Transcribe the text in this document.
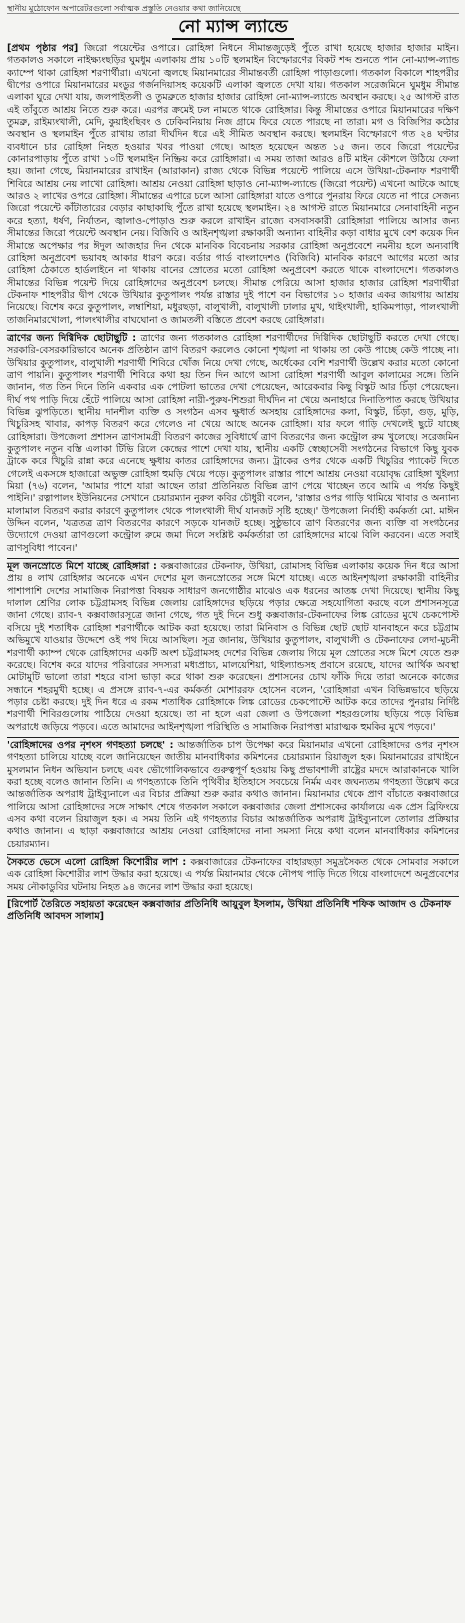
স্থানীয় মুঠোফোন অপারেটরগুলো সর্বাত্মক প্রস্তুতি নেওয়ার কথা জানিয়েছে
নো ম্যান্স ল্যান্ডে

[প্রথম পৃষ্ঠার পর] জিরো পয়েন্টের ওপারে। রোহিঙ্গা নিধনে সীমান্তজুড়েই পুঁতে রাখা হয়েছে হাজার হাজার মাইন। গতকালও সকালে নাইক্ষ্যংছড়ির ঘুমধুম এলাকায় প্রায় ১০টি স্থলমাইন বিস্ফোরণের বিকট শব্দ শুনতে পান নো-ম্যান্স-ল্যান্ড ক্যাম্পে থাকা রোহিঙ্গা শরণার্থীরা। এখনো জ্বলছে মিয়ানমারের সীমান্তবর্তী রোহিঙ্গা পাড়াগুলো। গতকাল বিকালে শাহপরীর দ্বীপের ওপারে মিয়ানমারের মংডুর গর্জনদিয়াসহ কয়েকটি এলাকা জ্বলতে দেখা যায়। গতকাল সরেজমিনে ঘুমধুম সীমান্ত এলাকা ঘুরে দেখা যায়, জলপাইতলী ও তুমব্রুতে হাজার হাজার রোহিঙ্গা নো-ম্যান্স-ল্যান্ডে অবস্থান করছে। ২৫ আগস্ট রাত এই তাঁবুতে আশ্রয় নিতে শুরু করে। এরপর ক্রমেই ঢল নামতে থাকে রোহিঙ্গার। কিন্তু সীমান্তের ওপারে মিয়ানমারের দক্ষিণ তুমব্রু, রাইম্যংখালী, মেদি, কুয়াইংছিবং ও ঢেকিবনিয়ায় নিজ গ্রামে ফিরে যেতে পারছে না তারা। মগ ও বিজিপির কঠোর অবস্থান ও স্থলমাইন পুঁতে রাখায় তারা দীর্ঘদিন ধরে এই সীমিত অবস্থান করছে। স্থলমাইন বিস্ফোরণে গত ২৪ ঘণ্টার ব্যবধানে চার রোহিঙ্গা নিহত হওয়ার খবর পাওয়া গেছে। আহত হয়েছেন অন্তত ১৫ জন। তবে জিরো পয়েন্টের কোনারপাড়ায় পুঁতে রাখা ১০টি স্থলমাইন নিষ্ক্রিয় করে রোহিঙ্গারা। এ সময় তাজা আরও ৪টি মাইন কৌশলে উঠিয়ে ফেলা হয়। জানা গেছে, মিয়ানমারের রাখাইন (আরাকান) রাজ্য থেকে বিভিন্ন পয়েন্টে পালিয়ে এসে উখিয়া-টেকনাফ শরণার্থী শিবিরে আশ্রয় নেয় লাখো রোহিঙ্গা। আশ্রয় নেওয়া রোহিঙ্গা ছাড়াও নো-ম্যান্স-ল্যান্ডে (জিরো পয়েন্ট) এখনো আটকে আছে আরও ২ লাখের ওপরে রোহিঙ্গা। সীমান্তের এপারে চলে আসা রোহিঙ্গারা যাতে ওপারে পুনরায় ফিরে যেতে না পারে সেজন্য জিরো পয়েন্টে কাঁটাতারের বেড়ার কাছাকাছি পুঁতে রাখা হয়েছে স্থলমাইন। ২৪ আগস্ট রাতে মিয়ানমারে সেনাবাহিনী নতুন করে হত্যা, ধর্ষণ, নির্যাতন, জ্বালাও-পোড়াও শুরু করলে রাখাইন রাজ্যে বসবাসকারী রোহিঙ্গারা পালিয়ে আসার জন্য সীমান্তের জিরো পয়েন্টে অবস্থান নেয়। বিজিবি ও আইনশৃঙ্খলা রক্ষাকারী অন্যান্য বাহিনীর কড়া বাধার মুখে বেশ কয়েক দিন সীমান্তে অপেক্ষার পর ঈদুল আজহার দিন থেকে মানবিক বিবেচনায় সরকার রোহিঙ্গা অনুপ্রবেশে নমনীয় হলে অন্যবাধি রোহিঙ্গা অনুপ্রবেশ ভয়াবহ আকার ধারণ করে। বর্ডার গার্ড বাংলাদেশও (বিজিবি) মানবিক কারণে আগের মতো আর রোহিঙ্গা ঠেকাতে হার্ডলাইনে না থাকায় বানের স্রোতের মতো রোহিঙ্গা অনুপ্রবেশ করতে থাকে বাংলাদেশে। গতকালও সীমান্তের বিভিন্ন পয়েন্ট দিয়ে রোহিঙ্গাদের অনুপ্রবেশ চলছে। সীমান্ত পেরিয়ে আসা হাজার হাজার রোহিঙ্গা শরণার্থীরা টেকনাফ শাহপরীর দ্বীপ থেকে উখিয়ার কুতুপালং পর্যন্ত রাস্তার দুই পাশে বন বিভাগের ১০ হাজার একর জায়গায় আশ্রয় নিয়েছে। বিশেষ করে কুতুপালং, লম্বাশিয়া, মধুরছড়া, বালুখালী, বালুখালী ঢালার মুখ, থাইংখালী, হাকিমপাড়া, পালংখালী তাজনিমারখোলা, পালংখালীর বাঘঘোনা ও জামতলী বস্তিতে প্রবেশ করছে রোহিঙ্গারা।

ত্রাণের জন্য দিগ্বিদিক ছোটাছুটি : ত্রাণের জন্য গতকালও রোহিঙ্গা শরণার্থীদের দিগ্বিদিক ছোটাছুটি করতে দেখা গেছে। সরকারি-বেসরকারিভাবে অনেক প্রতিষ্ঠান ত্রাণ বিতরণ করলেও কোনো শৃঙ্খলা না থাকায় তা কেউ পাচ্ছে কেউ পাচ্ছে না। উখিয়ার কুতুপালং, বালুখালী শরণার্থী শিবিরে খোঁজ নিয়ে দেখা গেছে, অর্ধেকের বেশি শরণার্থী উল্লেখ করার মতো কোনো ত্রাণ পায়নি। কুতুপালং শরণার্থী শিবিরে কথা হয় তিন দিন আগে আসা রোহিঙ্গা শরণার্থী আবুল কালামের সঙ্গে। তিনি জানান, গত তিন দিনে তিনি একবার এক পোটলা ভাতের দেখা পেয়েছেন, আরেকবার কিছু বিস্কুট আর চিঁড়া পেয়েছেন। দীর্ঘ পথ পাড়ি দিয়ে হেঁটে পালিয়ে আসা রোহিঙ্গা নারী-পুরুষ-শিশুরা দীর্ঘদিন না খেয়ে অনাহারে দিনাতিপাত করছে উখিয়ার বিভিন্ন ঝুপড়িতে। স্থানীয় দানশীল ব্যক্তি ও সংগঠন এসব ক্ষুধার্ত অসহায় রোহিঙ্গাদের কলা, বিস্কুট, চিঁড়া, গুড়, মুড়ি, খিচুরিসহ খাবার, কাপড় বিতরণ করে গেলেও না খেয়ে আছে অনেক রোহিঙ্গা। যার ফলে গাড়ি দেখলেই ছুটে যাচ্ছে রোহিঙ্গারা। উপজেলা প্রশাসন ত্রাণসামগ্রী বিতরণ কাজের সুবিধার্থে ত্রাণ বিতরণের জন্য কন্ট্রোল রুম খুলেছে। সরেজমিন কুতুপালং নতুন বস্তি এলাকা টিভি রিলে কেন্দ্রের পাশে দেখা যায়, স্থানীয় একটি স্বেচ্ছাসেবী সংগঠনের বিভাগে কিছু যুবক ট্রাকে করে খিচুরি রান্না করে এনেছে ক্ষুধায় কাতর রোহিঙ্গাদের জন্য। ট্রাকের ওপর থেকে একটি খিচুরির প্যাকেট দিতে গেলেই একসঙ্গে হাজারো অভুক্ত রোহিঙ্গা হুমড়ি খেয়ে পড়ে। কুতুপালং রাস্তার পাশে আশ্রয় নেওয়া বয়োবৃদ্ধ রোহিঙ্গা খুইল্যা মিয়া (৭৬) বলেন, 'আমার পাশে যারা আছেন তারা প্রতিনিয়ত বিভিন্ন ত্রাণ পেয়ে খাচ্ছেন তবে আমি এ পর্যন্ত কিছুই পাইনি।' রত্নাপালং ইউনিয়নের সেখানে চেয়ারম্যান নুরুল কবির চৌধুরী বলেন, 'রাস্তার ওপর গাড়ি থামিয়ে খাবার ও অন্যান্য মালামাল বিতরণ করার কারণে কুতুপালং থেকে পালংখালী দীর্ঘ যানজট সৃষ্টি হচ্ছে।' উপজেলা নির্বাহী কর্মকর্তা মো. মাঈন উদ্দিন বলেন, 'যত্রতত্র ত্রাণ বিতরণের কারণে সড়কে যানজট হচ্ছে। সুষ্ঠুভাবে ত্রাণ বিতরণের জন্য ব্যক্তি বা সংগঠনের উদ্যোগে দেওয়া ত্রাণগুলো কন্ট্রোল রুমে জমা দিলে সংশ্লিষ্ট কর্মকর্তারা তা রোহিঙ্গাদের মাঝে বিলি করবেন। এতে সবাই ত্রাণসুবিধা পাবেন।'

মূল জনস্রোতে মিশে যাচ্ছে রোহিঙ্গারা : কক্সবাজারের টেকনাফ, উখিয়া, রোমাসহ বিভিন্ন এলাকায় কয়েক দিন ধরে আসা প্রায় ৪ লাখ রোহিঙ্গার অনেকে এখন দেশের মূল জনস্রোতের সঙ্গে মিশে যাচ্ছে। এতে আইনশৃঙ্খলা রক্ষাকারী বাহিনীর পাশাপাশি দেশের সামাজিক নিরাপত্তা বিষয়ক সাধারণ জনগোষ্ঠীর মাঝেও এক ধরনের আতঙ্ক দেখা দিয়েছে। স্থানীয় কিছু দালাল শ্রেণির লোক চট্টগ্রামসহ বিভিন্ন জেলায় রোহিঙ্গাদের ছড়িয়ে পড়ার ক্ষেত্রে সহযোগিতা করছে বলে প্রশাসনসূত্রে জানা গেছে। র‍্যাব-৭ কক্সবাজারসূত্রে জানা গেছে, গত দুই দিনে শুধু কক্সবাজার-টেকনাফের লিঙ্ক রোডের মুখে চেকপোস্ট বসিয়ে দুই শতাধিক রোহিঙ্গা শরণার্থীকে আটক করা হয়েছে। তারা মিনিবাস ও বিভিন্ন ছোট ছোট যানবাহনে করে চট্টগ্রাম অভিমুখে যাওয়ার উদ্দেশে ওই পথ দিয়ে আসছিল। সূত্র জানায়, উখিয়ার কুতুপালং, বালুখালী ও টেকনাফের লেদা-মুচনী শরণার্থী ক্যাম্প থেকে রোহিঙ্গাদের একটি অংশ চট্টগ্রামসহ দেশের বিভিন্ন জেলায় গিয়ে মূল স্রোতের সঙ্গে মিশে যেতে শুরু করেছে। বিশেষ করে যাদের পরিবারের সদস্যরা মধ্যপ্রাচ্য, মালয়েশিয়া, থাইল্যান্ডসহ প্রবাসে রয়েছে, যাদের আর্থিক অবস্থা মোটামুটি ভালো তারা শহরে বাসা ভাড়া করে থাকা শুরু করেছেন। প্রশাসনের চোখ ফাঁকি দিয়ে তারা অনেকে কাজের সন্ধানে শহরমুখী হচ্ছে। এ প্রসঙ্গে র‍্যাব-৭-এর কর্মকর্তা মোশাররফ হোসেন বলেন, 'রোহিঙ্গারা এখন বিভিন্নভাবে ছড়িয়ে পড়ার চেষ্টা করছে। দুই দিন ধরে এ রকম শতাধিক রোহিঙ্গাকে লিঙ্ক রোডের চেকপোস্টে আটক করে তাদের পুনরায় নির্দিষ্ট শরণার্থী শিবিরগুলোয় পাঠিয়ে দেওয়া হয়েছে। তা না হলে এরা জেলা ও উপজেলা শহরগুলোয় ছড়িয়ে পড়ে বিভিন্ন অপরাধে জড়িয়ে পড়বে। এতে আমাদের আইনশৃঙ্খলা পরিস্থিতি ও সামাজিক নিরাপত্তা মারাত্মক হুমকির মুখে পড়বে।'

'রোহিঙ্গাদের ওপর নৃশংস গণহত্যা চলছে' : আন্তর্জাতিক চাপ উপেক্ষা করে মিয়ানমার এখনো রোহিঙ্গাদের ওপর নৃশংস গণহত্যা চালিয়ে যাচ্ছে বলে জানিয়েছেন জাতীয় মানবাধিকার কমিশনের চেয়ারম্যান রিয়াজুল হক। মিয়ানমারের রাখাইনে মুসলমান নিধন অভিযান চলছে এবং ভৌগোলিকভাবে গুরুত্বপূর্ণ হওয়ায় কিছু প্রভাবশালী রাষ্ট্রের মদদে আরাকানকে খালি করা হচ্ছে বলেও জানান তিনি। এ গণহত্যাকে তিনি পৃথিবীর ইতিহাসে সবচেয়ে নির্মম এবং জঘন্যতম গণহত্যা উল্লেখ করে আন্তর্জাতিক অপরাধ ট্রাইব্যুনালে এর বিচার প্রক্রিয়া শুরু করার কথাও জানান। মিয়ানমার থেকে প্রাণ বাঁচাতে কক্সবাজারে পালিয়ে আসা রোহিঙ্গাদের সঙ্গে সাক্ষাৎ শেষে গতকাল সকালে কক্সবাজার জেলা প্রশাসকের কার্যালয়ে এক প্রেস ব্রিফিংয়ে এসব কথা বলেন রিয়াজুল হক। এ সময় তিনি এই গণহত্যার বিচার আন্তর্জাতিক অপরাধ ট্রাইব্যুনালে তোলার প্রক্রিয়ার কথাও জানান। এ ছাড়া কক্সবাজারে আশ্রয় নেওয়া রোহিঙ্গাদের নানা সমস্যা নিয়ে কথা বলেন মানবাধিকার কমিশনের চেয়ারম্যান।

সৈকতে ভেসে এলো রোহিঙ্গা কিশোরীর লাশ : কক্সবাজারের টেকনাফের বাহারছড়া সমুদ্রসৈকত থেকে সোমবার সকালে এক রোহিঙ্গা কিশোরীর লাশ উদ্ধার করা হয়েছে। এ পর্যন্ত মিয়ানমার থেকে নৌপথ পাড়ি দিতে গিয়ে বাংলাদেশে অনুপ্রবেশের সময় নৌকাডুবির ঘটনায় নিহত ৯৪ জনের লাশ উদ্ধার করা হয়েছে।

[রিপোর্ট তৈরিতে সহায়তা করেছেন কক্সবাজার প্রতিনিধি আয়ুবুল ইসলাম, উখিয়া প্রতিনিধি শফিক আজাদ ও টেকনাফ প্রতিনিধি আবদস সালাম]
